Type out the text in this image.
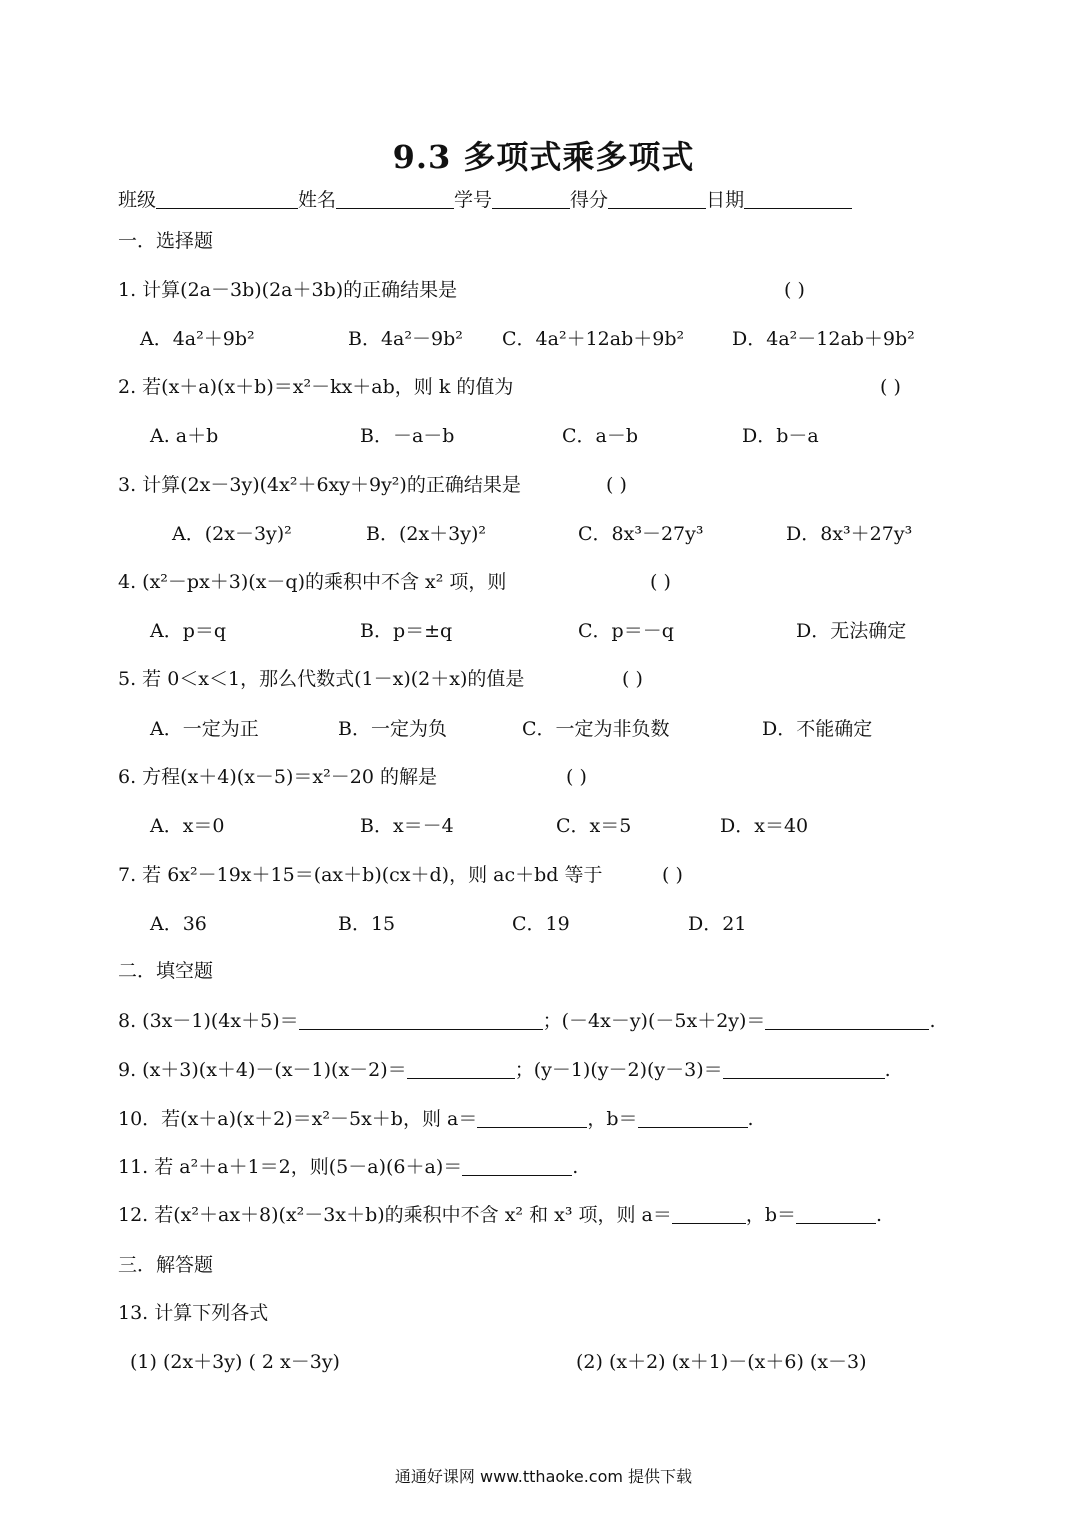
9.3 多项式乘多项式
班级	姓名	学号	得分	日期
一．选择题
1. 计算(2a－3b)(2a＋3b)的正确结果是	( )
A．4a²＋9b²	B．4a²－9b² C．4a²＋12ab＋9b²	D．4a²－12ab＋9b²
2. 若(x＋a)(x＋b)＝x²－kx＋ab，则 k 的值为	( )
A. a＋b	B．－a－b	C．a－b	D．b－a
3. 计算(2x－3y)(4x²＋6xy＋9y²)的正确结果是	( )
A．(2x－3y)²	B．(2x＋3y)²	C．8x³－27y³	D．8x³＋27y³
4. (x²－px＋3)(x－q)的乘积中不含 x² 项，则	( )
A．p＝q	B．p＝±q	C．p＝－q	D．无法确定
5. 若 0＜x＜1，那么代数式(1－x)(2＋x)的值是	( )
A．一定为正	B．一定为负	C．一定为非负数	D．不能确定
6. 方程(x＋4)(x－5)＝x²－20 的解是	( )
A．x＝0	B．x＝－4	C．x＝5	D．x＝40
7. 若 6x²－19x＋15＝(ax＋b)(cx＋d)，则 ac＋bd 等于	( )
A．36	B．15	C．19	D．21
二．填空题
8. (3x－1)(4x＋5)＝	；(－4x－y)(－5x＋2y)＝	.
9. (x＋3)(x＋4)－(x－1)(x－2)＝	；(y－1)(y－2)(y－3)＝	.
10．若(x＋a)(x＋2)＝x²－5x＋b，则 a＝	，b＝	.
11. 若 a²＋a＋1＝2，则(5－a)(6＋a)＝	.
12. 若(x²＋ax＋8)(x²－3x＋b)的乘积中不含 x² 和 x³ 项，则 a＝	，b＝	.
三．解答题
13. 计算下列各式
(1) (2x＋3y) ( 2 x－3y)	(2) (x＋2) (x＋1)－(x＋6) (x－3)
通通好课网 www.tthaoke.com 提供下载
